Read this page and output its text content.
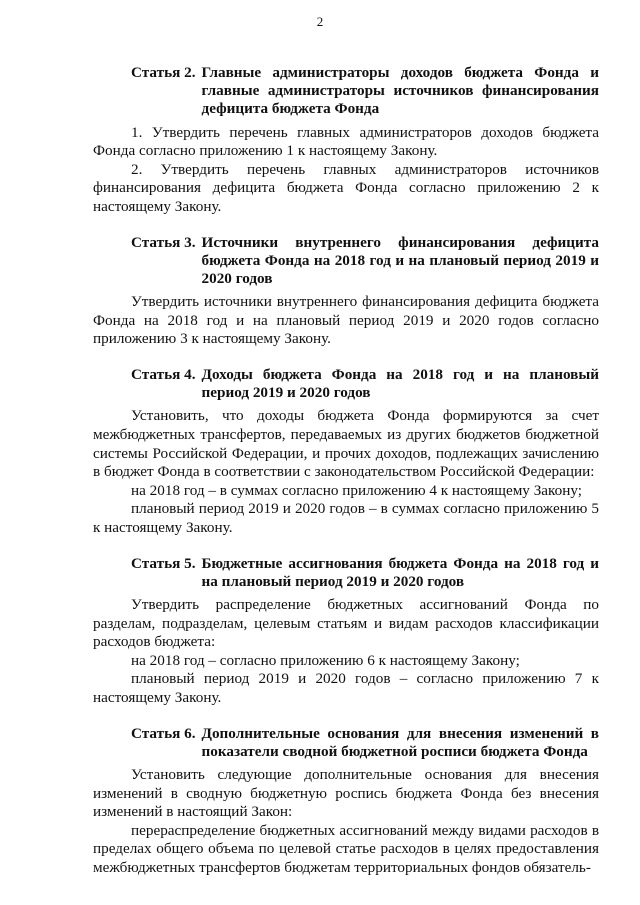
2
Статья 2. Главные администраторы доходов бюджета Фонда и главные администраторы источников финансирования дефицита бюджета Фонда

1. Утвердить перечень главных администраторов доходов бюджета Фонда согласно приложению 1 к настоящему Закону.

2. Утвердить перечень главных администраторов источников финансирования дефицита бюджета Фонда согласно приложению 2 к настоящему Закону.

Статья 3. Источники внутреннего финансирования дефицита бюджета Фонда на 2018 год и на плановый период 2019 и 2020 годов

Утвердить источники внутреннего финансирования дефицита бюджета Фонда на 2018 год и на плановый период 2019 и 2020 годов согласно приложению 3 к настоящему Закону.

Статья 4. Доходы бюджета Фонда на 2018 год и на плановый период 2019 и 2020 годов

Установить, что доходы бюджета Фонда формируются за счет межбюджетных трансфертов, передаваемых из других бюджетов бюджетной системы Российской Федерации, и прочих доходов, подлежащих зачислению в бюджет Фонда в соответствии с законодательством Российской Федерации:

на 2018 год – в суммах согласно приложению 4 к настоящему Закону;

плановый период 2019 и 2020 годов – в суммах согласно приложению 5 к настоящему Закону.

Статья 5. Бюджетные ассигнования бюджета Фонда на 2018 год и на плановый период 2019 и 2020 годов

Утвердить распределение бюджетных ассигнований Фонда по разделам, подразделам, целевым статьям и видам расходов классификации расходов бюджета:

на 2018 год – согласно приложению 6 к настоящему Закону;

плановый период 2019 и 2020 годов – согласно приложению 7 к настоящему Закону.

Статья 6. Дополнительные основания для внесения изменений в показатели сводной бюджетной росписи бюджета Фонда

Установить следующие дополнительные основания для внесения изменений в сводную бюджетную роспись бюджета Фонда без внесения изменений в настоящий Закон:

перераспределение бюджетных ассигнований между видами расходов в пределах общего объема по целевой статье расходов в целях предоставления межбюджетных трансфертов бюджетам территориальных фондов обязатель-
